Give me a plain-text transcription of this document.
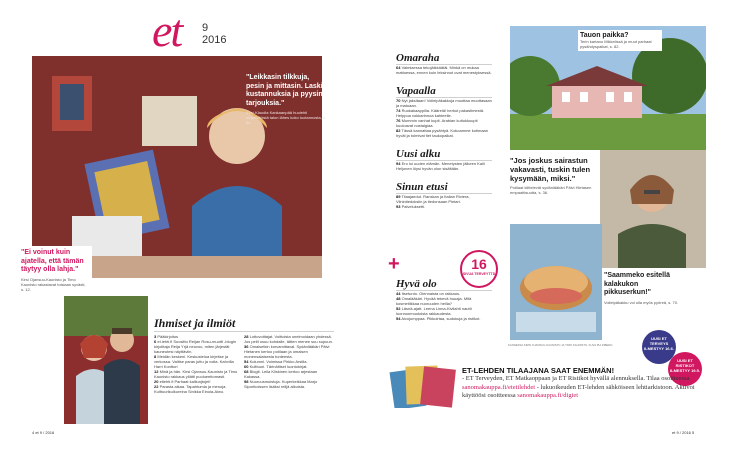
et 9
2016
"Leikkasin tilkkuja, pesin ja mittasin. Laskin kustannuksia ja pyysin tarjouksia."
Kirsi-Klaudia Kankaanpää huolehti ompelutöistä talon lähes koko tuotannosta, s. 64.
"Ei voinut kuin ajatella, että tämän täytyy olla lahja."
Kirsi Ojansuu-Kaunisto ja Timo Kaunisto rakastavat toisiaan syvästi, s. 12.
Ihmiset ja ilmiöt
3 Pääkirjoitus
6 et.lehti.fi Suosittu Reijan Rosu-muotti -blogin kirjoittaja Reija Yrjä neuvoo, miten järjestät kauneutesi näyttäviin.
8 Meidän keskeni. Keskustelua kirjeitse ja verkossa. Valitse paras juttu ja voita. Kahvilla Harri Kontturi
12 Minä ja hän. Kirsi Ojansuu-Kaunisto ja Timo Kaunisto rakkaus yllätti puolueettomasti.
20 etlehti.fi Parhaat kalliunjtojet!
22 Parasta aikaa. Tapahtumia ja menoja. Kulttuurikulkureina Sinikka Einola-Aiwo.
28 Lottovoittajat. Voittoista unelmoidaan yhdessä. Jos pelit osuu kohdalle, tätten menee suu supuun.
36 Omaisetkin korvamittaval. Sydänlääkäri Päivi Hietanen kertoo potilaan ja omaisen monensalaisesta tunteesta.
54 Kolumni. Voimissa Pirkko Arstila.
60 Kulttuuri. Tärinältiset luontokirjat.
68 Blogit. Leila Kiiskinen kertoo arjestaan Kakassa.
98 Nuoruusmuistoja. Kuperkeikkaa Marjo Siporikolssen lisäksi reiljä alkuista.
4 et 9 / 2016
Omaraha
64 Valmiaessa tekojäikkäätäi. Minkä on mukaa mattuessa, ennen kuin leksinnot ovat menestyksessä.
Vapaalla
70 Nyt jaksitaan! Voileipäkakkuja muottaa muottasaan ja matuaan.
74 Ruokakaappilla. Käärelä! herkut pakastimestä. Helppoa vokkarinnoa kahteelle.
76 Mummin vanhat kupit. Arabian kuitukkuupit kuoloavat nostalgiaa.
82 Tässä kannattaa pysähtyä. Kokoamme kotimaan hyvät ja toimivat tiet taukopaikat.
Uusi alku
94 Ero loi uuden elämän. Menetysten jälkeen Kaili Heljonen löysi hyvän olon sisältään.
Sinun etusi
89 Tilaajaedut. Ranskan ja Italian Riviera, Viinintiedoksiin ja tiedonsaan Pietari.
93 Palveluksetti.
+	16
SIVUA TERVEYTTÄ
Hyvä olo
44 Itsetunto. Olennaista on rakkaus.
48 Omalääkäri. Hyvää tekevä huuaja. Mitä kosmetiikkaa nuoruuden hellia?
52 Läsnä-ajatt. Leena Linna-Kivilahti nautti luonnonmuotoista rakkaudesta.
54 Aivojumppaa. Pikkuirtaa, sudokuja ja ristikot.
Tauon paikka?
Terin kartano Mikkelissä ja muut parhaat pysähdyspaikat, s. 82.
"Jos joskus sairastun vakavasti, tuskin tulen kysymään, miksi."
Potilaat kiittelevät sydänlääkäri Päivi Hietasen empaattisuutta, s. 36.
"Saammeko esitellä kalakukon pikkuserkun!"
Voileipäkakku voi olla myös pyöreä, s. 70.
KANNESSA KIRSI OJANSUU-KAUNISTO JA TIMO KAUNISTO. KUVA PIA INBERG
UUSI ET TERVEYS ILMESTYY 16.6.
UUSI ET RISTIKOT ILMESTYY 19.5.
ET-LEHDEN TILAAJANA SAAT ENEMMÄN!
- ET Terveyden, ET Matkaoppaan ja ET Ristikot hyvällä alennuksella. Tilaa osoitteessa sanomakauppa.fi/etetilehdet - lukuoikeuden ET-lehden sähköiseen lehtiarkistoon. Aktivoi käyttöösi osoitteessa sanomakauppa.fi/digiet
et 9 / 2016 5
